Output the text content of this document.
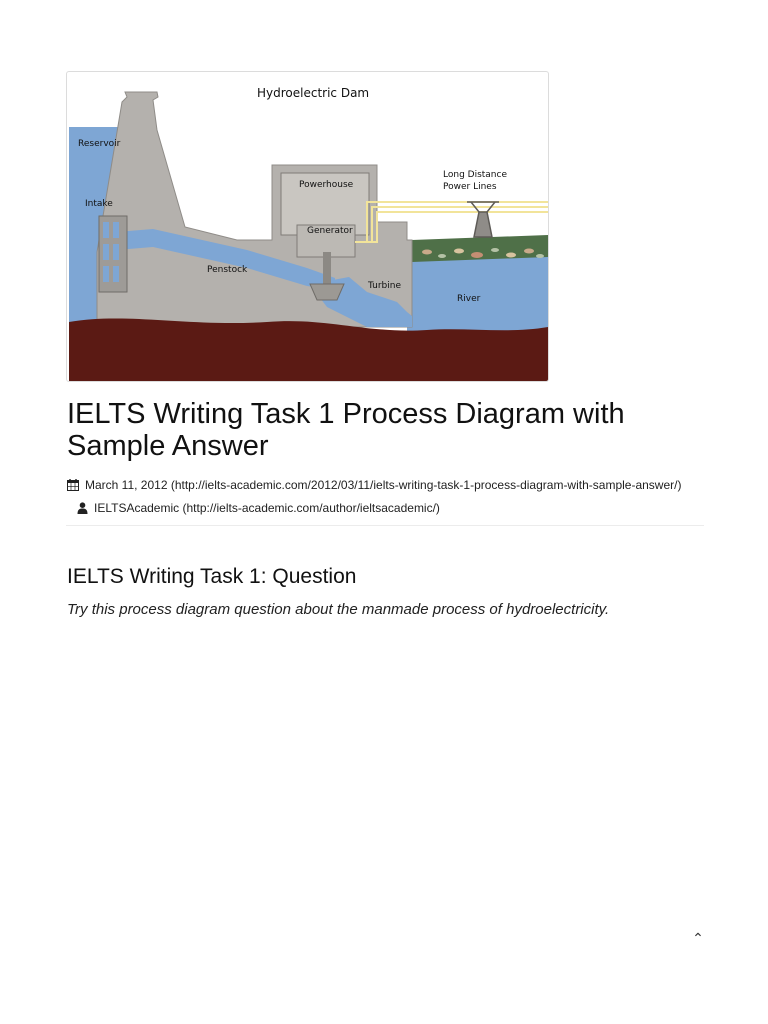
Hydroelectric Dam
Reservoir
Intake
Penstock
Powerhouse
Generator
Turbine
River
Long Distance
Power Lines
IELTS Writing Task 1 Process Diagram with Sample Answer
March 11, 2012 (http://ielts-academic.com/2012/03/11/ielts-writing-task-1-process-diagram-with-sample-answer/)IELTSAcademic (http://ielts-academic.com/author/ieltsacademic/)
IELTS Writing Task 1: Question

Try this process diagram question about the manmade process of hydroelectricity.

⌃
